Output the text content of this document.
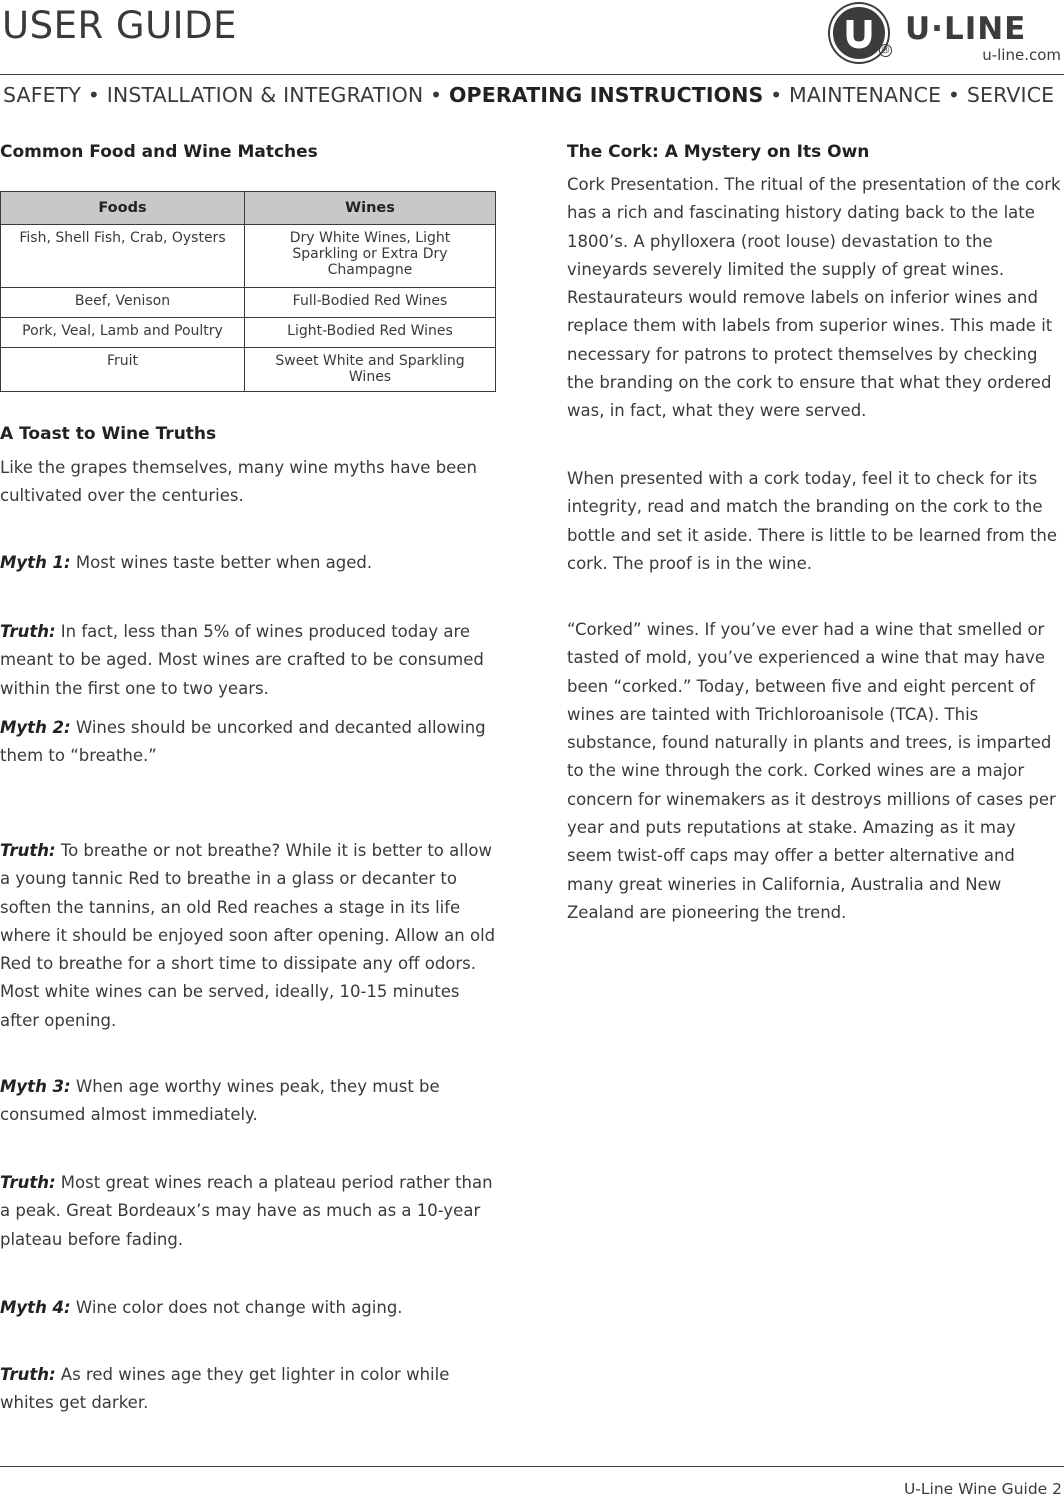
USER GUIDE
®
U·LINE
u-line.com
SAFETY • INSTALLATION & INTEGRATION • OPERATING INSTRUCTIONS • MAINTENANCE • SERVICE
Common Food and Wine Matches
Foods	Wines
Fish, Shell Fish, Crab, Oysters	Dry White Wines, Light Sparkling or Extra Dry Champagne
Beef, Venison	Full-Bodied Red Wines
Pork, Veal, Lamb and Poultry	Light-Bodied Red Wines
Fruit	Sweet White and Sparkling Wines
A Toast to Wine Truths

Like the grapes themselves, many wine myths have been cultivated over the centuries.

Myth 1: Most wines taste better when aged.

Truth: In fact, less than 5% of wines produced today are meant to be aged. Most wines are crafted to be consumed within the first one to two years.

Myth 2: Wines should be uncorked and decanted allowing them to “breathe.”

Truth: To breathe or not breathe? While it is better to allow a young tannic Red to breathe in a glass or decanter to soften the tannins, an old Red reaches a stage in its life where it should be enjoyed soon after opening. Allow an old Red to breathe for a short time to dissipate any off odors. Most white wines can be served, ideally, 10-15 minutes after opening.

Myth 3: When age worthy wines peak, they must be consumed almost immediately.

Truth: Most great wines reach a plateau period rather than a peak. Great Bordeaux’s may have as much as a 10-year plateau before fading.

Myth 4: Wine color does not change with aging.

Truth: As red wines age they get lighter in color while whites get darker.

The Cork: A Mystery on Its Own

Cork Presentation. The ritual of the presentation of the cork has a rich and fascinating history dating back to the late 1800’s. A phylloxera (root louse) devastation to the vineyards severely limited the supply of great wines. Restaurateurs would remove labels on inferior wines and replace them with labels from superior wines. This made it necessary for patrons to protect themselves by checking the branding on the cork to ensure that what they ordered was, in fact, what they were served.

When presented with a cork today, feel it to check for its integrity, read and match the branding on the cork to the bottle and set it aside. There is little to be learned from the cork. The proof is in the wine.

“Corked” wines. If you’ve ever had a wine that smelled or tasted of mold, you’ve experienced a wine that may have been “corked.” Today, between five and eight percent of wines are tainted with Trichloroanisole (TCA). This substance, found naturally in plants and trees, is imparted to the wine through the cork. Corked wines are a major concern for winemakers as it destroys millions of cases per year and puts reputations at stake. Amazing as it may seem twist-off caps may offer a better alternative and many great wineries in California, Australia and New Zealand are pioneering the trend.

U-Line Wine Guide 2
